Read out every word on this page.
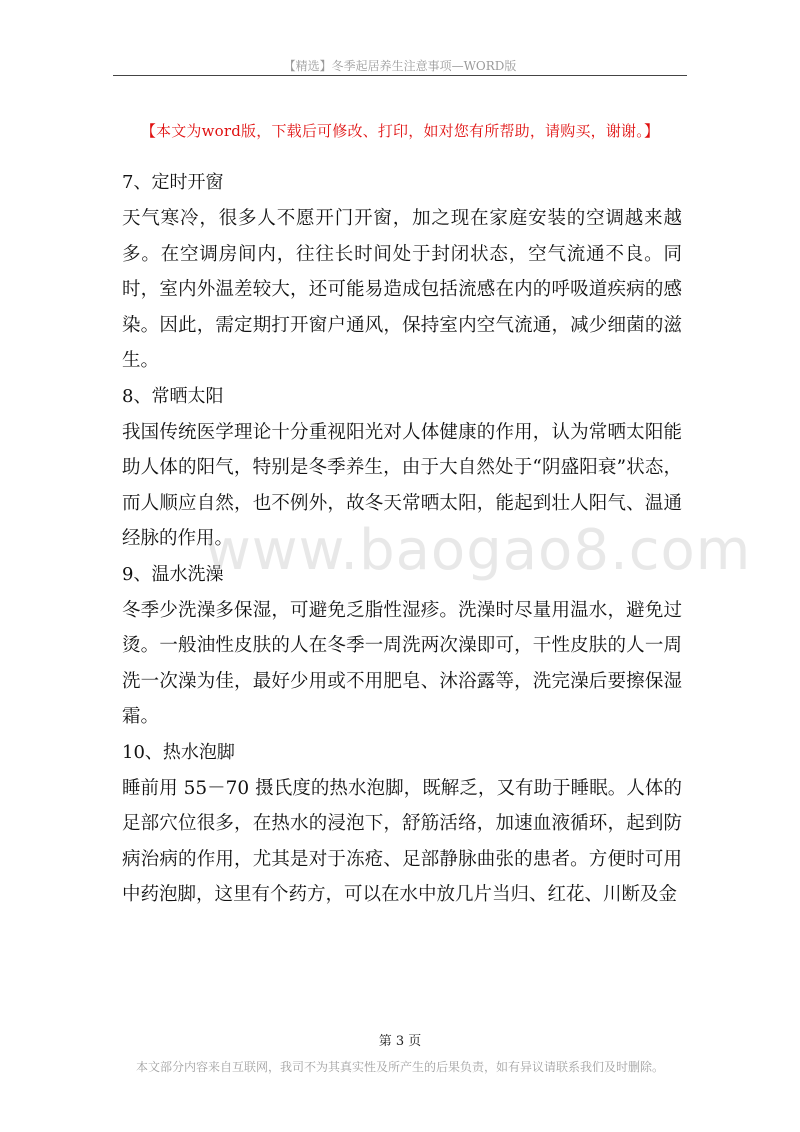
【精选】冬季起居养生注意事项—WORD版
【本文为word版，下载后可修改、打印，如对您有所帮助，请购买，谢谢。】

7、定时开窗

天气寒冷，很多人不愿开门开窗，加之现在家庭安装的空调越来越多。在空调房间内，往往长时间处于封闭状态，空气流通不良。同时，室内外温差较大，还可能易造成包括流感在内的呼吸道疾病的感染。因此，需定期打开窗户通风，保持室内空气流通，减少细菌的滋生。

8、常晒太阳

我国传统医学理论十分重视阳光对人体健康的作用，认为常晒太阳能助人体的阳气，特别是冬季养生，由于大自然处于“阴盛阳衰”状态，而人顺应自然，也不例外，故冬天常晒太阳，能起到壮人阳气、温通经脉的作用。

9、温水洗澡

冬季少洗澡多保湿，可避免乏脂性湿疹。洗澡时尽量用温水，避免过烫。一般油性皮肤的人在冬季一周洗两次澡即可，干性皮肤的人一周洗一次澡为佳，最好少用或不用肥皂、沐浴露等，洗完澡后要擦保湿霜。

10、热水泡脚

睡前用 55－70 摄氏度的热水泡脚，既解乏，又有助于睡眠。人体的足部穴位很多，在热水的浸泡下，舒筋活络，加速血液循环，起到防病治病的作用，尤其是对于冻疮、足部静脉曲张的患者。方便时可用中药泡脚，这里有个药方，可以在水中放几片当归、红花、川断及金

www.baogao8.com
第 3 页
本文部分内容来自互联网，我司不为其真实性及所产生的后果负责，如有异议请联系我们及时删除。
